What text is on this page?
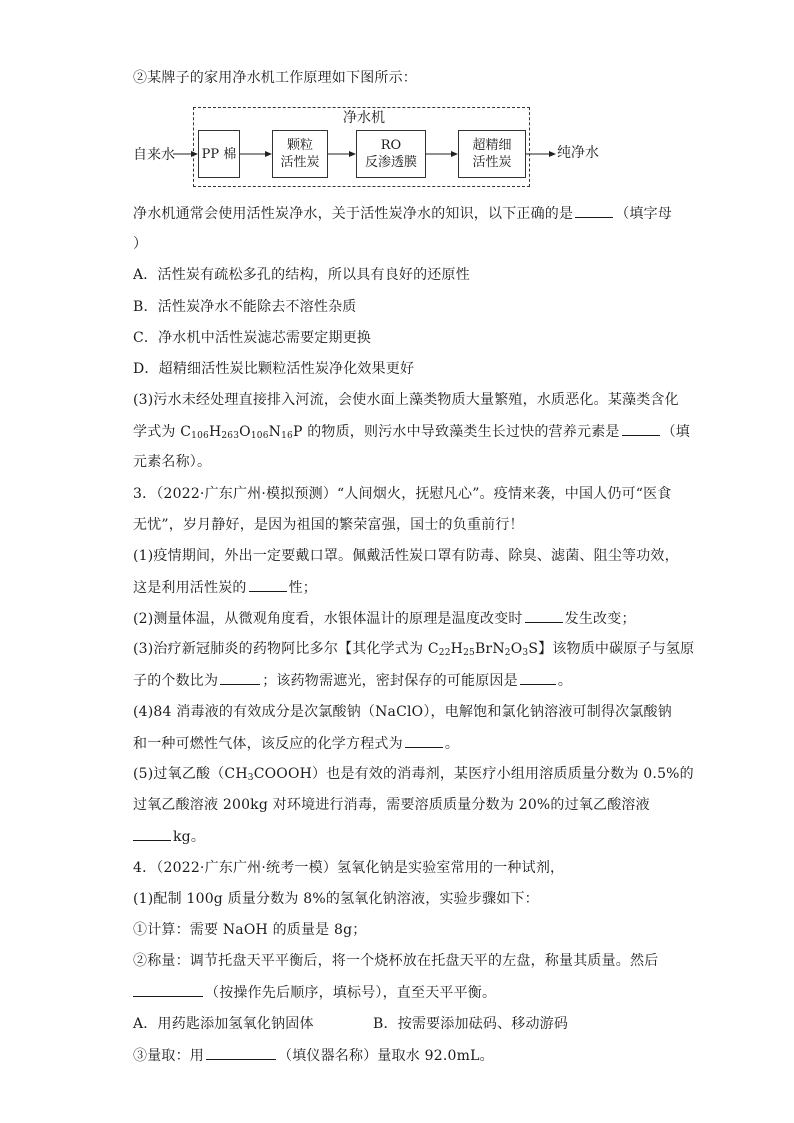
②某牌子的家用净水机工作原理如下图所示：
净水机
自来水	纯净水
PP 棉
颗粒
活性炭
RO
反渗透膜
超精细
活性炭
净水机通常会使用活性炭净水，关于活性炭净水的知识，以下正确的是	（填字母
）
A．活性炭有疏松多孔的结构，所以具有良好的还原性
B．活性炭净水不能除去不溶性杂质
C．净水机中活性炭滤芯需要定期更换
D．超精细活性炭比颗粒活性炭净化效果更好
(3)污水未经处理直接排入河流，会使水面上藻类物质大量繁殖，水质恶化。某藻类含化
学式为 $C_{106}H_{263}O_{106}N_{16}P$ 的物质，则污水中导致藻类生长过快的营养元素是	（填
元素名称）。
3．（2022·广东广州·模拟预测）“人间烟火，抚慰凡心”。疫情来袭，中国人仍可“医食
无忧”，岁月静好，是因为祖国的繁荣富强，国士的负重前行！
(1)疫情期间，外出一定要戴口罩。佩戴活性炭口罩有防毒、除臭、滤菌、阻尘等功效，
这是利用活性炭的	性；
(2)测量体温，从微观角度看，水银体温计的原理是温度改变时	发生改变；
(3)治疗新冠肺炎的药物阿比多尔【其化学式为 $C_{22}H_{25}BrN_2O_3S$】该物质中碳原子与氢原
子的个数比为	；该药物需遮光，密封保存的可能原因是	。
(4)84 消毒液的有效成分是次氯酸钠（NaClO），电解饱和氯化钠溶液可制得次氯酸钠
和一种可燃性气体，该反应的化学方程式为	。
(5)过氧乙酸$(CH_3COOOH)$也是有效的消毒剂，某医疗小组用溶质质量分数为 0.5%的
过氧乙酸溶液 200kg 对环境进行消毒，需要溶质质量分数为 20%的过氧乙酸溶液
kg。
4．（2022·广东广州·统考一模）氢氧化钠是实验室常用的一种试剂，
(1)配制 100g 质量分数为 8%的氢氧化钠溶液，实验步骤如下：
①计算：需要 NaOH 的质量是 8g；
②称量：调节托盘天平平衡后，将一个烧杯放在托盘天平的左盘，称量其质量。然后
（按操作先后顺序，填标号），直至天平平衡。
A．用药匙添加氢氧化钠固体	B．按需要添加砝码、移动游码
③量取：用	（填仪器名称）量取水 92.0mL。
